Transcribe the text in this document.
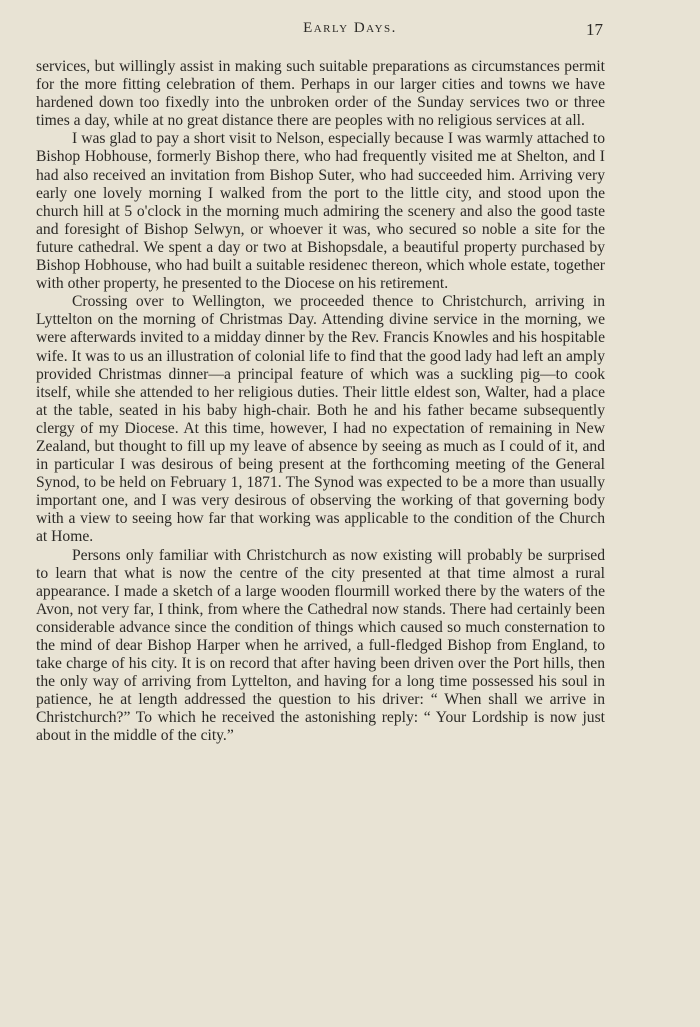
Early Days.	17

services, but willingly assist in making such suitable preparations as circumstances permit for the more fitting celebration of them. Perhaps in our larger cities and towns we have hardened down too fixedly into the unbroken order of the Sunday services two or three times a day, while at no great distance there are peoples with no religious services at all.

I was glad to pay a short visit to Nelson, especially because I was warmly attached to Bishop Hobhouse, formerly Bishop there, who had frequently visited me at Shelton, and I had also received an invitation from Bishop Suter, who had succeeded him. Arriving very early one lovely morning I walked from the port to the little city, and stood upon the church hill at 5 o'clock in the morning much admiring the scenery and also the good taste and foresight of Bishop Selwyn, or whoever it was, who secured so noble a site for the future cathedral. We spent a day or two at Bishopsdale, a beautiful property purchased by Bishop Hobhouse, who had built a suitable residenec thereon, which whole estate, together with other property, he presented to the Diocese on his retirement.

Crossing over to Wellington, we proceeded thence to Christchurch, arriving in Lyttelton on the morning of Christmas Day. Attending divine service in the morning, we were afterwards invited to a midday dinner by the Rev. Francis Knowles and his hospitable wife. It was to us an illustration of colonial life to find that the good lady had left an amply provided Christmas dinner—a principal feature of which was a suckling pig—to cook itself, while she attended to her religious duties. Their little eldest son, Walter, had a place at the table, seated in his baby high-chair. Both he and his father became subsequently clergy of my Diocese. At this time, however, I had no expectation of remaining in New Zealand, but thought to fill up my leave of absence by seeing as much as I could of it, and in particular I was desirous of being present at the forthcoming meeting of the General Synod, to be held on February 1, 1871. The Synod was expected to be a more than usually important one, and I was very desirous of observing the working of that governing body with a view to seeing how far that working was applicable to the condition of the Church at Home.

Persons only familiar with Christchurch as now existing will probably be surprised to learn that what is now the centre of the city presented at that time almost a rural appearance. I made a sketch of a large wooden flourmill worked there by the waters of the Avon, not very far, I think, from where the Cathedral now stands. There had certainly been considerable advance since the condition of things which caused so much consternation to the mind of dear Bishop Harper when he arrived, a full-fledged Bishop from England, to take charge of his city. It is on record that after having been driven over the Port hills, then the only way of arriving from Lyttelton, and having for a long time possessed his soul in patience, he at length addressed the question to his driver: “ When shall we arrive in Christchurch?” To which he received the astonishing reply: “ Your Lordship is now just about in the middle of the city.”
